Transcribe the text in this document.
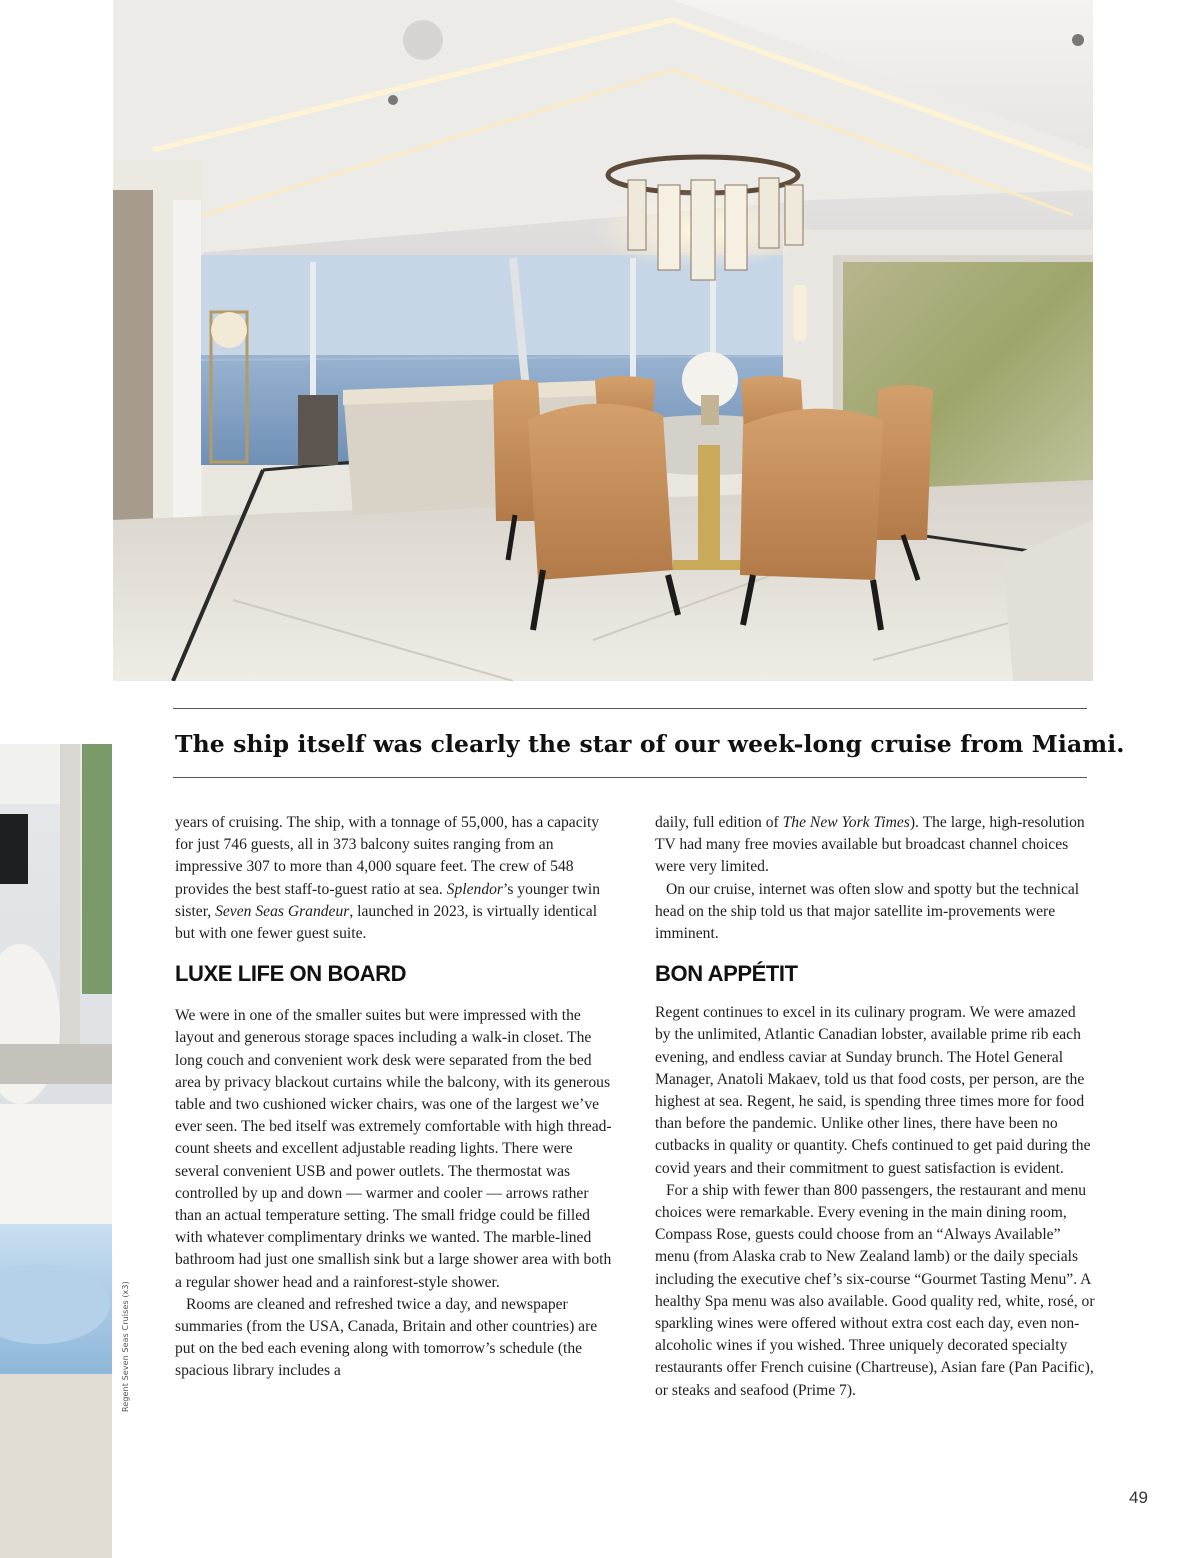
Regent Seven Seas Cruises (x3)

The ship itself was clearly the star of our week-long cruise from Miami.

years of cruising. The ship, with a tonnage of 55,000, has a capacity for just 746 guests, all in 373 balcony suites ranging from an impressive 307 to more than 4,000 square feet. The crew of 548 provides the best staff-to-guest ratio at sea. Splendor’s younger twin sister, Seven Seas Grandeur, launched in 2023, is virtually identical but with one fewer guest suite.

LUXE LIFE ON BOARD

We were in one of the smaller suites but were impressed with the layout and generous storage spaces including a walk-in closet. The long couch and convenient work desk were separated from the bed area by privacy blackout curtains while the balcony, with its generous table and two cushioned wicker chairs, was one of the largest we’ve ever seen. The bed itself was extremely comfortable with high thread-count sheets and excellent adjustable reading lights. There were several convenient USB and power outlets. The thermostat was controlled by up and down — warmer and cooler — arrows rather than an actual temperature setting. The small fridge could be filled with whatever complimentary drinks we wanted. The marble-lined bathroom had just one smallish sink but a large shower area with both a regular shower head and a rainforest-style shower.

Rooms are cleaned and refreshed twice a day, and newspaper summaries (from the USA, Canada, Britain and other countries) are put on the bed each evening along with tomorrow’s schedule (the spacious library includes a

daily, full edition of The New York Times). The large, high-resolution TV had many free movies available but broadcast channel choices were very limited.

On our cruise, internet was often slow and spotty but the technical head on the ship told us that major satellite im-provements were imminent.

BON APPÉTIT

Regent continues to excel in its culinary program. We were amazed by the unlimited, Atlantic Canadian lobster, available prime rib each evening, and endless caviar at Sunday brunch. The Hotel General Manager, Anatoli Makaev, told us that food costs, per person, are the highest at sea. Regent, he said, is spending three times more for food than before the pandemic. Unlike other lines, there have been no cutbacks in quality or quantity. Chefs continued to get paid during the covid years and their commitment to guest satisfaction is evident.

For a ship with fewer than 800 passengers, the restaurant and menu choices were remarkable. Every evening in the main dining room, Compass Rose, guests could choose from an “Always Available” menu (from Alaska crab to New Zealand lamb) or the daily specials including the executive chef’s six-course “Gourmet Tasting Menu”. A healthy Spa menu was also available. Good quality red, white, rosé, or sparkling wines were offered without extra cost each day, even non-alcoholic wines if you wished. Three uniquely decorated specialty restaurants offer French cuisine (Chartreuse), Asian fare (Pan Pacific), or steaks and seafood (Prime 7).

49
